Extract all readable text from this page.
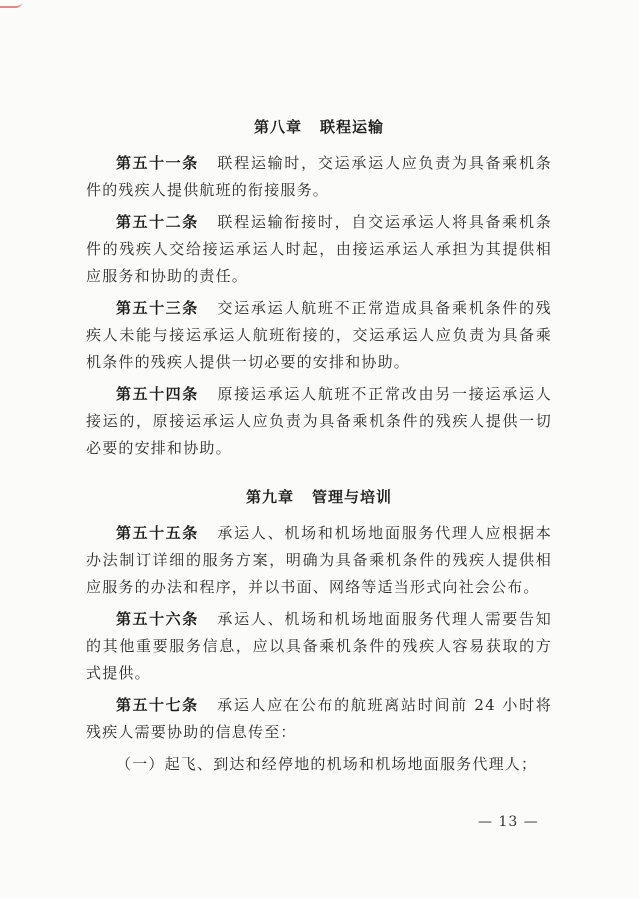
第八章 联程运输

第五十一条 联程运输时，交运承运人应负责为具备乘机条件的残疾人提供航班的衔接服务。

第五十二条 联程运输衔接时，自交运承运人将具备乘机条件的残疾人交给接运承运人时起，由接运承运人承担为其提供相应服务和协助的责任。

第五十三条 交运承运人航班不正常造成具备乘机条件的残疾人未能与接运承运人航班衔接的，交运承运人应负责为具备乘机条件的残疾人提供一切必要的安排和协助。

第五十四条 原接运承运人航班不正常改由另一接运承运人接运的，原接运承运人应负责为具备乘机条件的残疾人提供一切必要的安排和协助。

第九章 管理与培训

第五十五条 承运人、机场和机场地面服务代理人应根据本办法制订详细的服务方案，明确为具备乘机条件的残疾人提供相应服务的办法和程序，并以书面、网络等适当形式向社会公布。

第五十六条 承运人、机场和机场地面服务代理人需要告知的其他重要服务信息，应以具备乘机条件的残疾人容易获取的方式提供。

第五十七条 承运人应在公布的航班离站时间前 24 小时将残疾人需要协助的信息传至：

（一）起飞、到达和经停地的机场和机场地面服务代理人；

— 13 —
